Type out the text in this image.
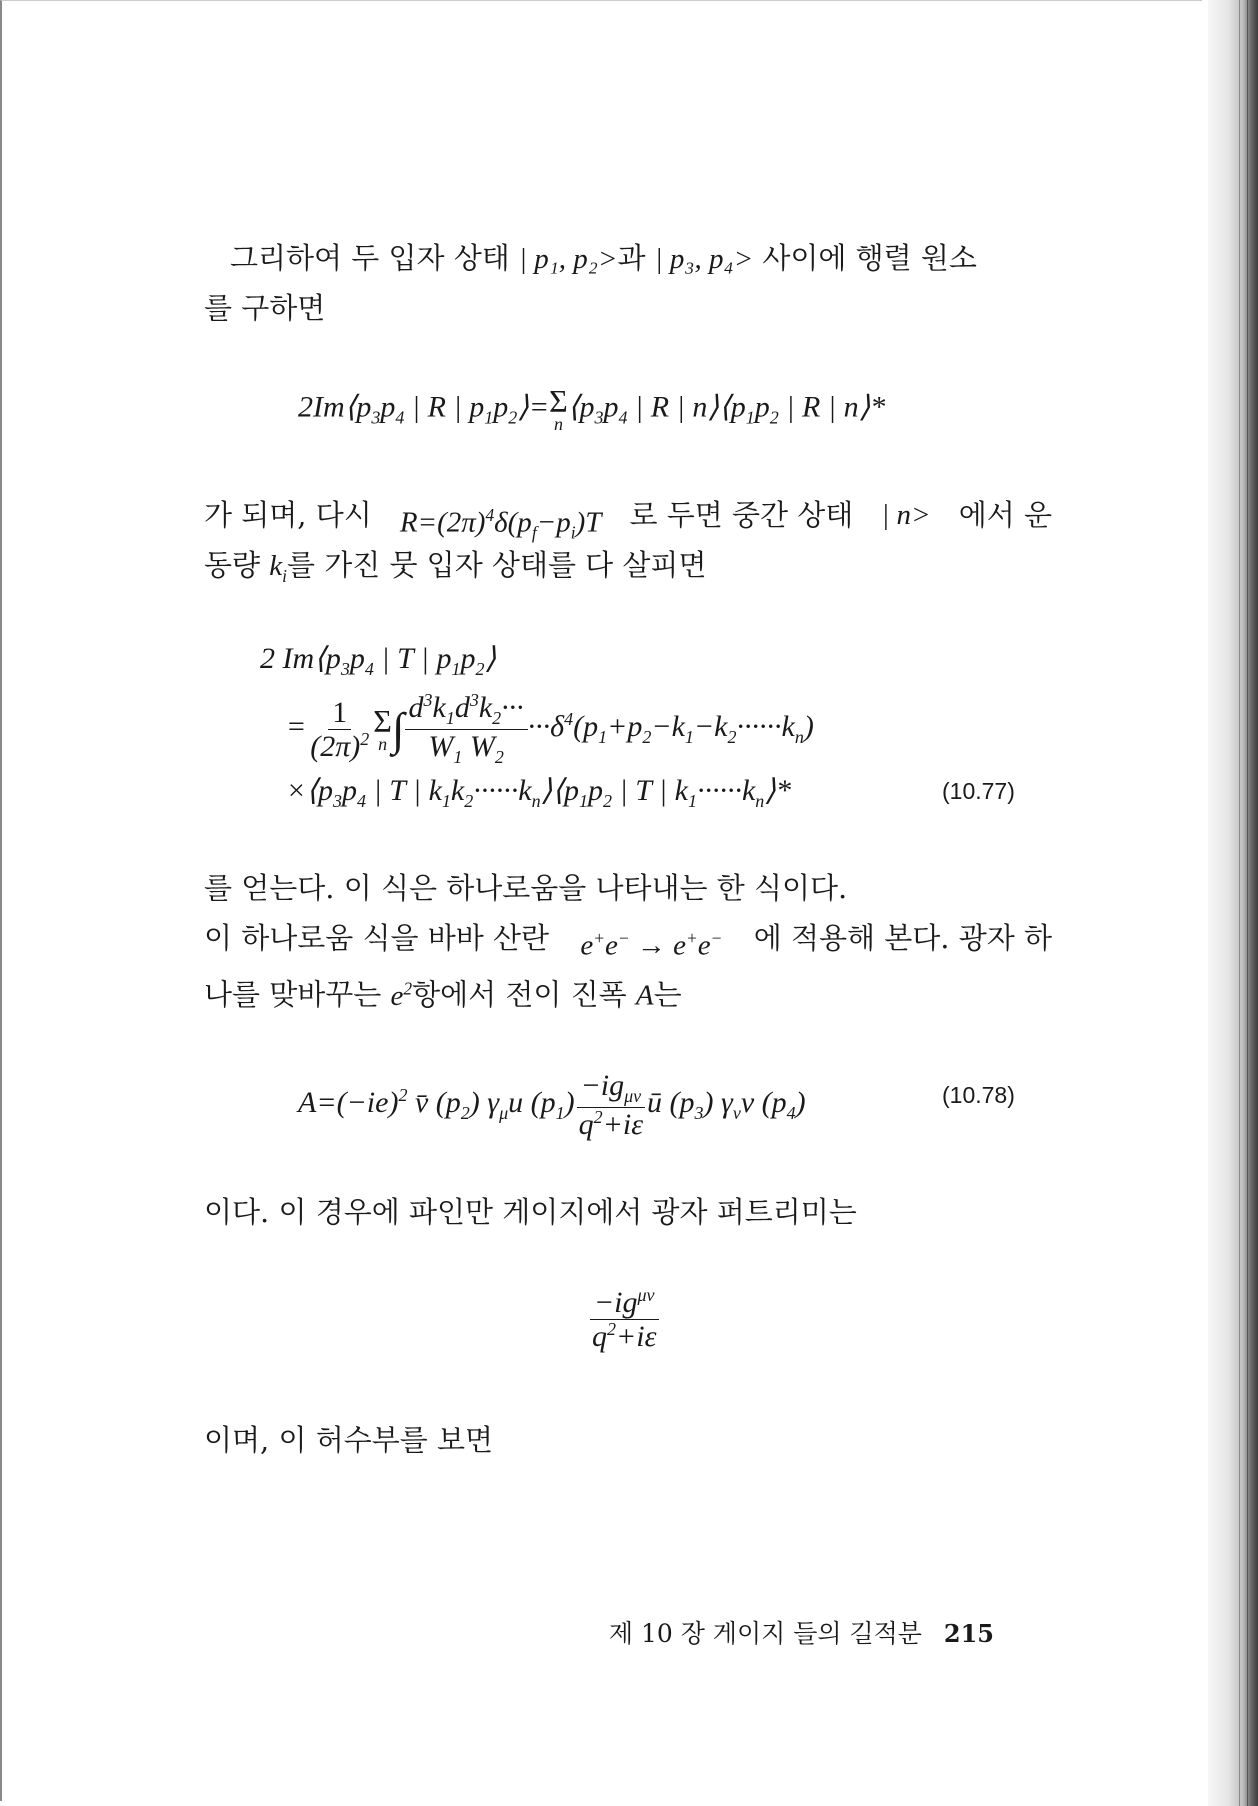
그리하여 두 입자 상태 | p₁, p₂>과 | p₃, p₄> 사이에 행렬 원소
를 구하면
$2Im⟨p_3p_4$ | R | $p_1p_2⟩= \Sigma$
n
$⟨p_3p_4$ | R | $n⟩⟨p_1p_2$ | R | n⟩*
가 되며, 다시 $R=(2\pi)^4\delta(p_f-p_i)T$ 로 두면 중간 상태 | n> 에서 운
동량 $k_i$를 가진 뭇 입자 상태를 다 살피면
2 $Im⟨p_3p_4$ | T | $p_1p_2⟩$
= $\frac{1}{(2\pi)^2}$ Σ
n ∫ $\frac{d^3k_1d^3k_2\cdot\cdot\cdot}{W_1 W_2} \cdot\cdot\cdot\delta^4(p_1+p_2-k_1-k_2\cdot\cdot\cdot\cdot\cdot\cdot k_n)$
$\times⟨p_3p_4$ | T | $k_1k_2\cdot\cdot\cdot\cdot\cdot\cdot k_n⟩⟨p_1p_2$ | T | $k_1\cdot\cdot\cdot\cdot\cdot\cdot k_n⟩*$	(10.77)
를 얻는다. 이 식은 하나로움을 나타내는 한 식이다.
이 하나로움 식을 바바 산란 e+e− → e+e− 에 적용해 본다. 광자 하
나를 맞바꾸는 $e^2$항에서 전이 진폭 A는
$A=(-ie)^2$ v̄ $(p_2)$ $\gamma_\mu u$ $(p_1) \frac{-ig_{\mu\nu}}{q^2+i\varepsilon}$ ū $(p_3)$ $\gamma_\nu v$ $(p_4)$	(10.78)
이다. 이 경우에 파인만 게이지에서 광자 퍼트리미는
$\frac{-ig^{\mu\nu}}{q^2+i\varepsilon}$
이며, 이 허수부를 보면
제 10 장 게이지 들의 길적분 215
